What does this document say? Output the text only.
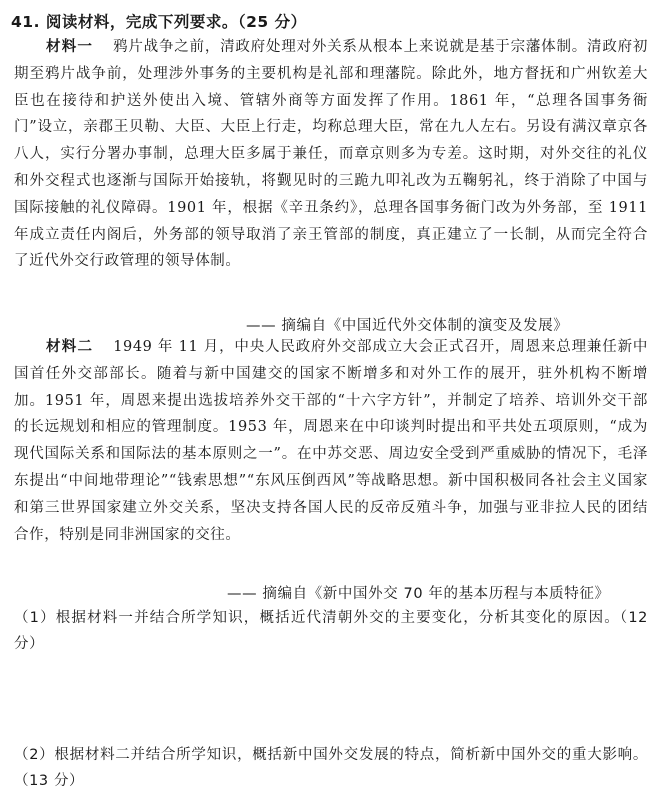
41. 阅读材料，完成下列要求。（25 分）
材料一 鸦片战争之前，清政府处理对外关系从根本上来说就是基于宗藩体制。清政府初期至鸦片战争前，处理涉外事务的主要机构是礼部和理藩院。除此外，地方督抚和广州钦差大臣也在接待和护送外使出入境、管辖外商等方面发挥了作用。1861 年，“总理各国事务衙门”设立，亲郡王贝勒、大臣、大臣上行走，均称总理大臣，常在九人左右。另设有满汉章京各八人，实行分署办事制，总理大臣多属于兼任，而章京则多为专差。这时期，对外交往的礼仪和外交程式也逐渐与国际开始接轨，将觐见时的三跪九叩礼改为五鞠躬礼，终于消除了中国与国际接触的礼仪障碍。1901 年，根据《辛丑条约》，总理各国事务衙门改为外务部，至 1911 年成立责任内阁后，外务部的领导取消了亲王管部的制度，真正建立了一长制，从而完全符合了近代外交行政管理的领导体制。
—— 摘编自《中国近代外交体制的演变及发展》
材料二 1949 年 11 月，中央人民政府外交部成立大会正式召开，周恩来总理兼任新中国首任外交部部长。随着与新中国建交的国家不断增多和对外工作的展开，驻外机构不断增加。1951 年，周恩来提出选拔培养外交干部的“十六字方针”，并制定了培养、培训外交干部的长远规划和相应的管理制度。1953 年，周恩来在中印谈判时提出和平共处五项原则，“成为现代国际关系和国际法的基本原则之一”。在中苏交恶、周边安全受到严重威胁的情况下，毛泽东提出“中间地带理论”“钱索思想”“东风压倒西风”等战略思想。新中国积极同各社会主义国家和第三世界国家建立外交关系，坚决支持各国人民的反帝反殖斗争，加强与亚非拉人民的团结合作，特别是同非洲国家的交往。
—— 摘编自《新中国外交 70 年的基本历程与本质特征》
（1）根据材料一并结合所学知识，概括近代清朝外交的主要变化，分析其变化的原因。（12 分）
（2）根据材料二并结合所学知识，概括新中国外交发展的特点，简析新中国外交的重大影响。（13 分）
